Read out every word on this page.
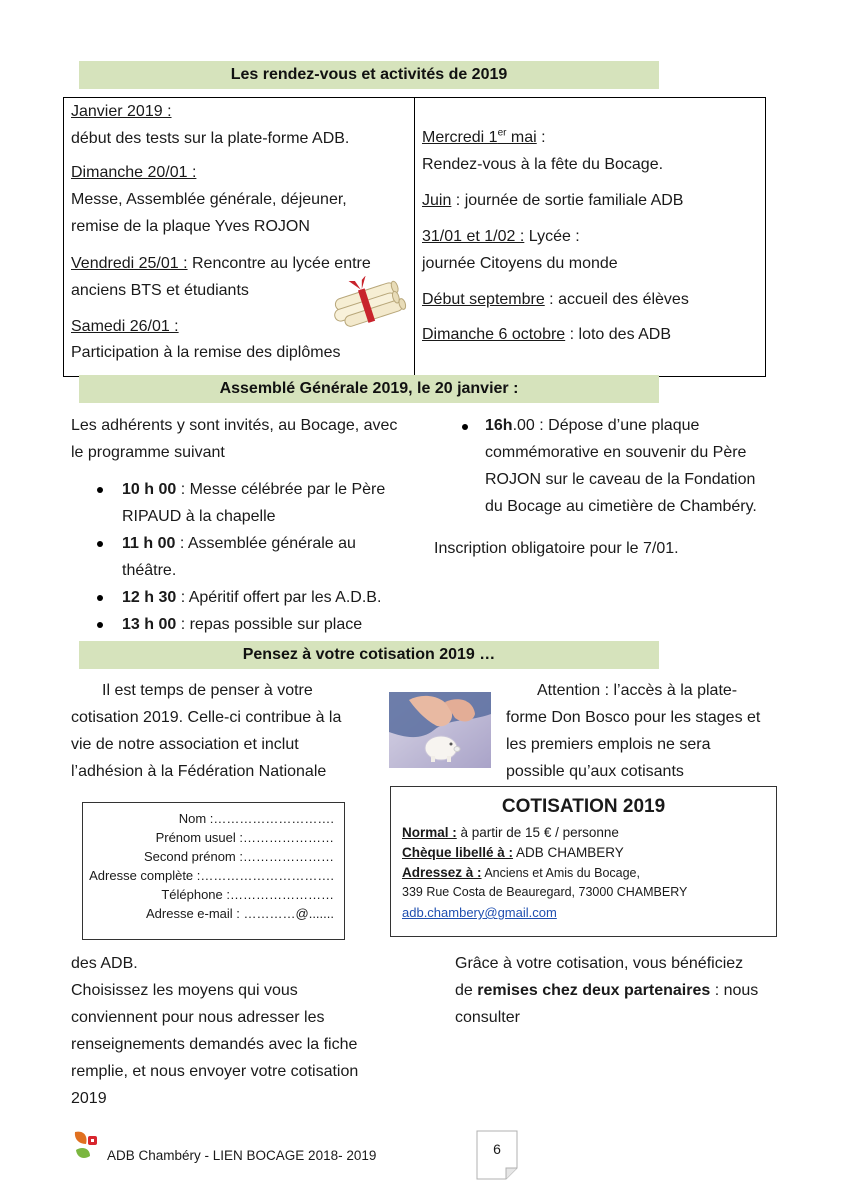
Les rendez-vous et activités de 2019
Janvier 2019 :
début des tests sur la plate-forme ADB.
Dimanche 20/01 :
Messe, Assemblée générale, déjeuner,
remise de la plaque Yves ROJON
Vendredi 25/01 : Rencontre au lycée entre
anciens BTS et étudiants
Samedi 26/01 :
Participation à la remise des diplômes
Mercredi 1er mai :
Rendez-vous à la fête du Bocage.
Juin : journée de sortie familiale ADB
31/01 et 1/02 : Lycée :
journée Citoyens du monde
Début septembre : accueil des élèves
Dimanche 6 octobre : loto des ADB
Assemblé Générale 2019, le 20 janvier :
Les adhérents y sont invités, au Bocage, avec
le programme suivant
10 h 00 : Messe célébrée par le Père
RIPAUD à la chapelle
11 h 00 : Assemblée générale au
théâtre.
12 h 30 : Apéritif offert par les A.D.B.
13 h 00 : repas possible sur place
16h.00 : Dépose d’une plaque
commémorative en souvenir du Père
ROJON sur le caveau de la Fondation
du Bocage au cimetière de Chambéry.
Inscription obligatoire pour le 7/01.
Pensez à votre cotisation 2019 …
Il est temps de penser à votre
cotisation 2019. Celle-ci contribue à la
vie de notre association et inclut
l’adhésion à la Fédération Nationale
Attention : l’accès à la plate-
forme Don Bosco pour les stages et
les premiers emplois ne sera
possible qu’aux cotisants
Nom :……………………….
Prénom usuel :…………………
Second prénom :…………………
Adresse complète :………………………….
Téléphone :……………………
Adresse e-mail : …………@.......
COTISATION 2019
Normal : à partir de 15 € / personne
Chèque libellé à : ADB CHAMBERY
Adressez à : Anciens et Amis du Bocage,
339 Rue Costa de Beauregard, 73000 CHAMBERY
adb.chambery@gmail.com
des ADB.
Choisissez les moyens qui vous
conviennent pour nous adresser les
renseignements demandés avec la fiche
remplie, et nous envoyer votre cotisation
2019
Grâce à votre cotisation, vous bénéficiez
de remises chez deux partenaires : nous
consulter
ADB Chambéry - LIEN BOCAGE 2018- 2019	6
